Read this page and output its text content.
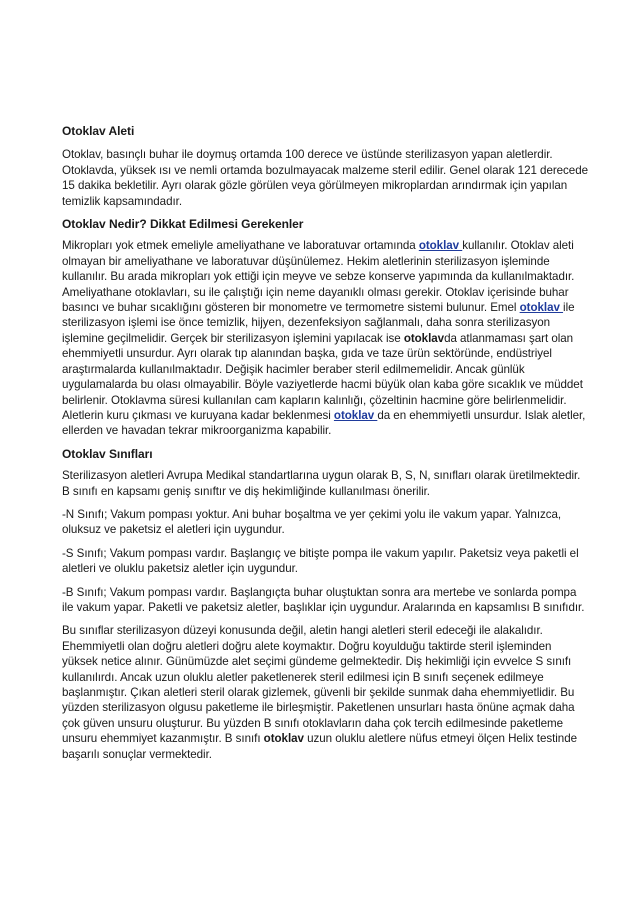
Otoklav Aleti

Otoklav, basınçlı buhar ile doymuş ortamda 100 derece ve üstünde sterilizasyon yapan aletlerdir. Otoklavda, yüksek ısı ve nemli ortamda bozulmayacak malzeme steril edilir. Genel olarak 121 derecede 15 dakika bekletilir. Ayrı olarak gözle görülen veya görülmeyen mikroplardan arındırmak için yapılan temizlik kapsamındadır.

Otoklav Nedir? Dikkat Edilmesi Gerekenler

Mikropları yok etmek emeliyle ameliyathane ve laboratuvar ortamında otoklav kullanılır. Otoklav aleti olmayan bir ameliyathane ve laboratuvar düşünülemez. Hekim aletlerinin sterilizasyon işleminde kullanılır. Bu arada mikropları yok ettiği için meyve ve sebze konserve yapımında da kullanılmaktadır. Ameliyathane otoklavları, su ile çalıştığı için neme dayanıklı olması gerekir. Otoklav içerisinde buhar basıncı ve buhar sıcaklığını gösteren bir monometre ve termometre sistemi bulunur. Emel otoklav ile sterilizasyon işlemi ise önce temizlik, hijyen, dezenfeksiyon sağlanmalı, daha sonra sterilizasyon işlemine geçilmelidir. Gerçek bir sterilizasyon işlemini yapılacak ise otoklavda atlanmaması şart olan ehemmiyetli unsurdur. Ayrı olarak tıp alanından başka, gıda ve taze ürün sektöründe, endüstriyel araştırmalarda kullanılmaktadır. Değişik hacimler beraber steril edilmemelidir. Ancak günlük uygulamalarda bu olası olmayabilir. Böyle vaziyetlerde hacmi büyük olan kaba göre sıcaklık ve müddet belirlenir. Otoklavma süresi kullanılan cam kapların kalınlığı, çözeltinin hacmine göre belirlenmelidir. Aletlerin kuru çıkması ve kuruyana kadar beklenmesi otoklav da en ehemmiyetli unsurdur. Islak aletler, ellerden ve havadan tekrar mikroorganizma kapabilir.

Otoklav Sınıfları

Sterilizasyon aletleri Avrupa Medikal standartlarına uygun olarak B, S, N, sınıfları olarak üretilmektedir. B sınıfı en kapsamı geniş sınıftır ve diş hekimliğinde kullanılması önerilir.

-N Sınıfı; Vakum pompası yoktur. Ani buhar boşaltma ve yer çekimi yolu ile vakum yapar. Yalnızca, oluksuz ve paketsiz el aletleri için uygundur.

-S Sınıfı; Vakum pompası vardır. Başlangıç ve bitişte pompa ile vakum yapılır. Paketsiz veya paketli el aletleri ve oluklu paketsiz aletler için uygundur.

-B Sınıfı; Vakum pompası vardır. Başlangıçta buhar oluştuktan sonra ara mertebe ve sonlarda pompa ile vakum yapar. Paketli ve paketsiz aletler, başlıklar için uygundur. Aralarında en kapsamlısı B sınıfıdır.

Bu sınıflar sterilizasyon düzeyi konusunda değil, aletin hangi aletleri steril edeceği ile alakalıdır. Ehemmiyetli olan doğru aletleri doğru alete koymaktır. Doğru koyulduğu taktirde steril işleminden yüksek netice alınır. Günümüzde alet seçimi gündeme gelmektedir. Diş hekimliği için evvelce S sınıfı kullanılırdı. Ancak uzun oluklu aletler paketlenerek steril edilmesi için B sınıfı seçenek edilmeye başlanmıştır. Çıkan aletleri steril olarak gizlemek, güvenli bir şekilde sunmak daha ehemmiyetlidir. Bu yüzden sterilizasyon olgusu paketleme ile birleşmiştir. Paketlenen unsurları hasta önüne açmak daha çok güven unsuru oluşturur. Bu yüzden B sınıfı otoklavların daha çok tercih edilmesinde paketleme unsuru ehemmiyet kazanmıştır. B sınıfı otoklav uzun oluklu aletlere nüfus etmeyi ölçen Helix testinde başarılı sonuçlar vermektedir.
